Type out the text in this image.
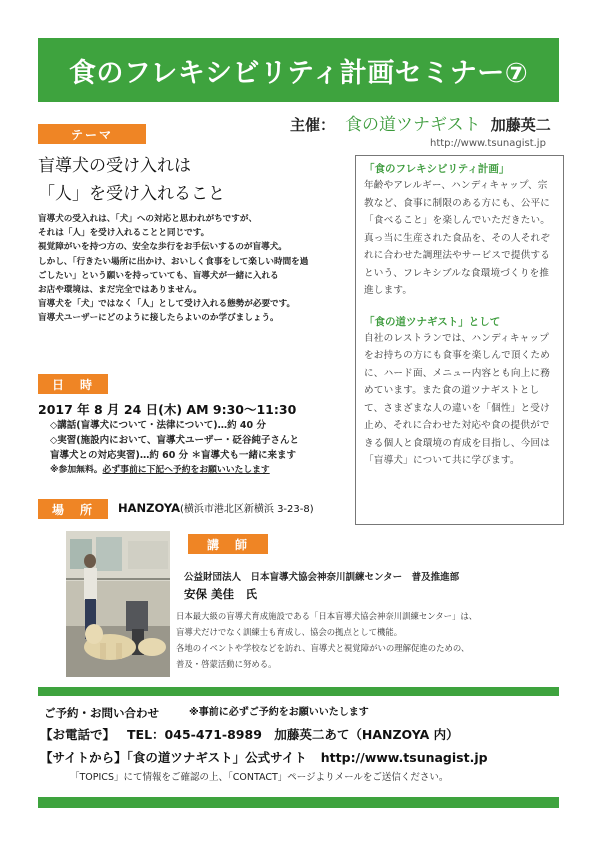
食のフレキシビリティ計画セミナー⑦
主催： 食の道ツナギスト 加藤英二
http://www.tsunagist.jp
テーマ
盲導犬の受け入れは
「人」を受け入れること
盲導犬の受入れは、「犬」への対応と思われがちですが、
それは「人」を受け入れることと同じです。
視覚障がいを持つ方の、安全な歩行をお手伝いするのが盲導犬。
しかし、「行きたい場所に出かけ、おいしく食事をして楽しい時間を過
ごしたい」という願いを持っていても、盲導犬が一緒に入れる
お店や環境は、まだ完全ではありません。
盲導犬を「犬」ではなく「人」として受け入れる態勢が必要です。
盲導犬ユーザーにどのように接したらよいのか学びましょう。
「食のフレキシビリティ計画」
年齢やアレルギー、ハンディキャップ、宗教など、食事に制限のある方にも、公平に「食べること」を楽しんでいただきたい。真っ当に生産された食品を、その人それぞれに合わせた調理法やサービスで提供するという、フレキシブルな食環境づくりを推進します。
「食の道ツナギスト」として
自社のレストランでは、ハンディキャップをお持ちの方にも食事を楽しんで頂くために、ハード面、メニュー内容とも向上に務めています。また食の道ツナギストとして、さまざまな人の違いを「個性」と受け止め、それに合わせた対応や食の提供ができる個人と食環境の育成を目指し、今回は「盲導犬」について共に学びます。
日　時
2017 年 8 月 24 日(木) AM 9:30～11:30
◇講話(盲導犬について・法律について)…約 40 分
◇実習(施設内において、盲導犬ユーザー・砭谷純子さんと
盲導犬との対応実習)…約 60 分 ＊盲導犬も一緒に来ます
※参加無料。必ず事前に下記へ予約をお願いいたします
場　所	HANZOYA(横浜市港北区新横浜 3-23-8)
講　師
公益財団法人　日本盲導犬協会神奈川訓練センター　普及推進部
安保 美佳　氏
日本最大級の盲導犬育成施設である「日本盲導犬協会神奈川訓練センター」は、
盲導犬だけでなく訓練士も育成し、協会の拠点として機能。
各地のイベントや学校などを訪れ、盲導犬と視覚障がいの理解促進のための、
普及・啓蒙活動に努める。
ご予約・お問い合わせ	※事前に必ずご予約をお願いいたします
【お電話で】 TEL：045-471-8989　加藤英二あて（HANZOYA 内）
【サイトから】「食の道ツナギスト」公式サイト http://www.tsunagist.jp
「TOPICS」にて情報をご確認の上、「CONTACT」ページよりメールをご送信ください。
